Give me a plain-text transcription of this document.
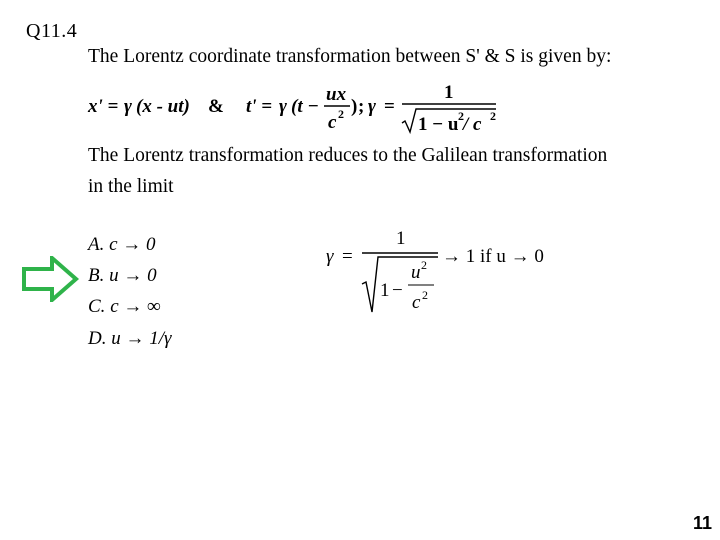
Q11.4
The Lorentz coordinate transformation between S' & S is given by:
x' = γ (x - ut) & t' = γ (t −
ux
c 2 ) ; γ =
1
1 − u 2 / c 2
The Lorentz transformation reduces to the Galilean transformation
in the limit
A. c → 0
B. u → 0
C. c → ∞
D. u → 1/γ
γ =
1
1 −
u 2
c 2
→ 1 if u → 0
11
